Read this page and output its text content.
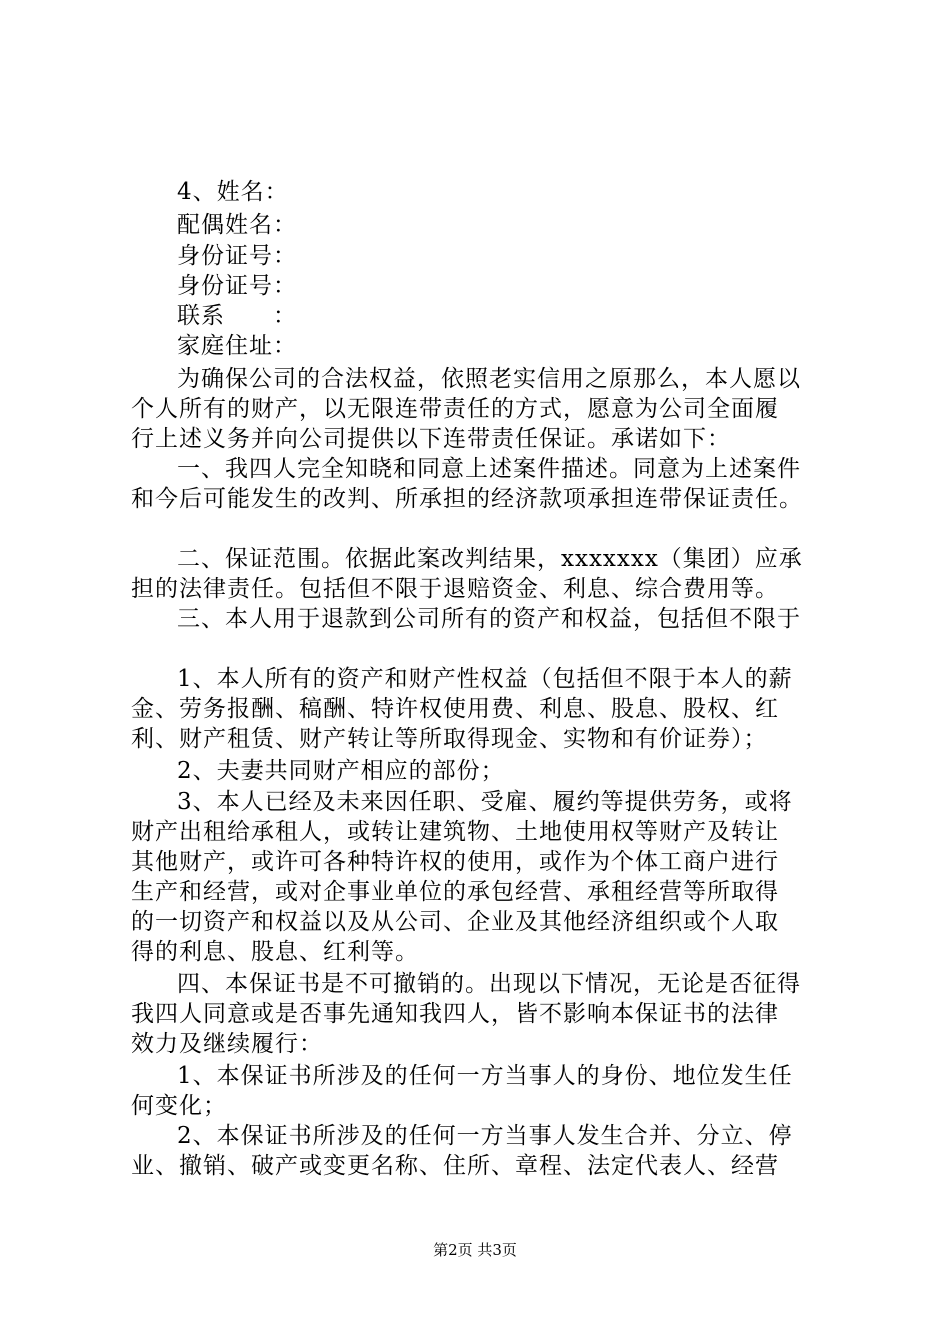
4、姓名：
配偶姓名：
身份证号：
身份证号：
联系　　：
家庭住址：
为确保公司的合法权益，依照老实信用之原那么，本人愿以
个人所有的财产，以无限连带责任的方式，愿意为公司全面履
行上述义务并向公司提供以下连带责任保证。承诺如下：
一、我四人完全知晓和同意上述案件描述。同意为上述案件
和今后可能发生的改判、所承担的经济款项承担连带保证责任。
二、保证范围。依据此案改判结果，xxxxxxx（集团）应承
担的法律责任。包括但不限于退赔资金、利息、综合费用等。
三、本人用于退款到公司所有的资产和权益，包括但不限于
1、本人所有的资产和财产性权益（包括但不限于本人的薪
金、劳务报酬、稿酬、特许权使用费、利息、股息、股权、红
利、财产租赁、财产转让等所取得现金、实物和有价证券）；
2、夫妻共同财产相应的部份；
3、本人已经及未来因任职、受雇、履约等提供劳务，或将
财产出租给承租人，或转让建筑物、土地使用权等财产及转让
其他财产，或许可各种特许权的使用，或作为个体工商户进行
生产和经营，或对企事业单位的承包经营、承租经营等所取得
的一切资产和权益以及从公司、企业及其他经济组织或个人取
得的利息、股息、红利等。
四、本保证书是不可撤销的。出现以下情况，无论是否征得
我四人同意或是否事先通知我四人，皆不影响本保证书的法律
效力及继续履行：
1、本保证书所涉及的任何一方当事人的身份、地位发生任
何变化；
2、本保证书所涉及的任何一方当事人发生合并、分立、停
业、撤销、破产或变更名称、住所、章程、法定代表人、经营
第2页 共3页
